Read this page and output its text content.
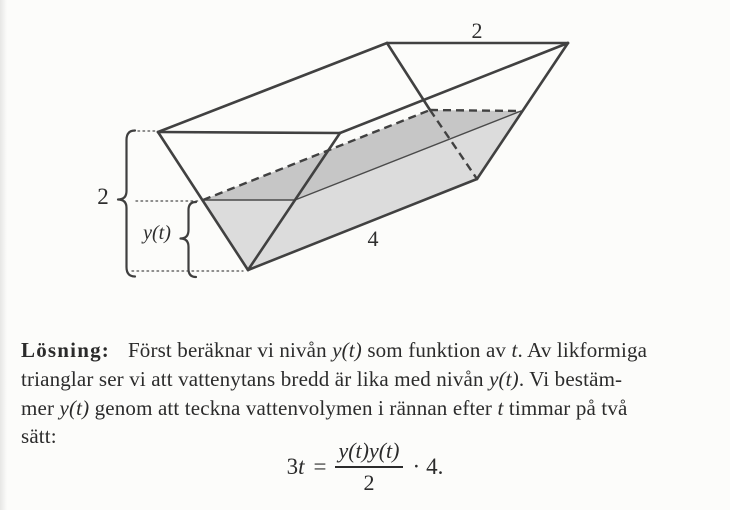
2
y(t)
2
4
Lösning: Först beräknar vi nivån y(t) som funktion av t. Av likformiga
trianglar ser vi att vattenytans bredd är lika med nivån y(t). Vi bestäm-
mer y(t) genom att teckna vattenvolymen i rännan efter t timmar på två
sätt:
$3t = \frac{y(t)y(t)}{2} \cdot 4$.
